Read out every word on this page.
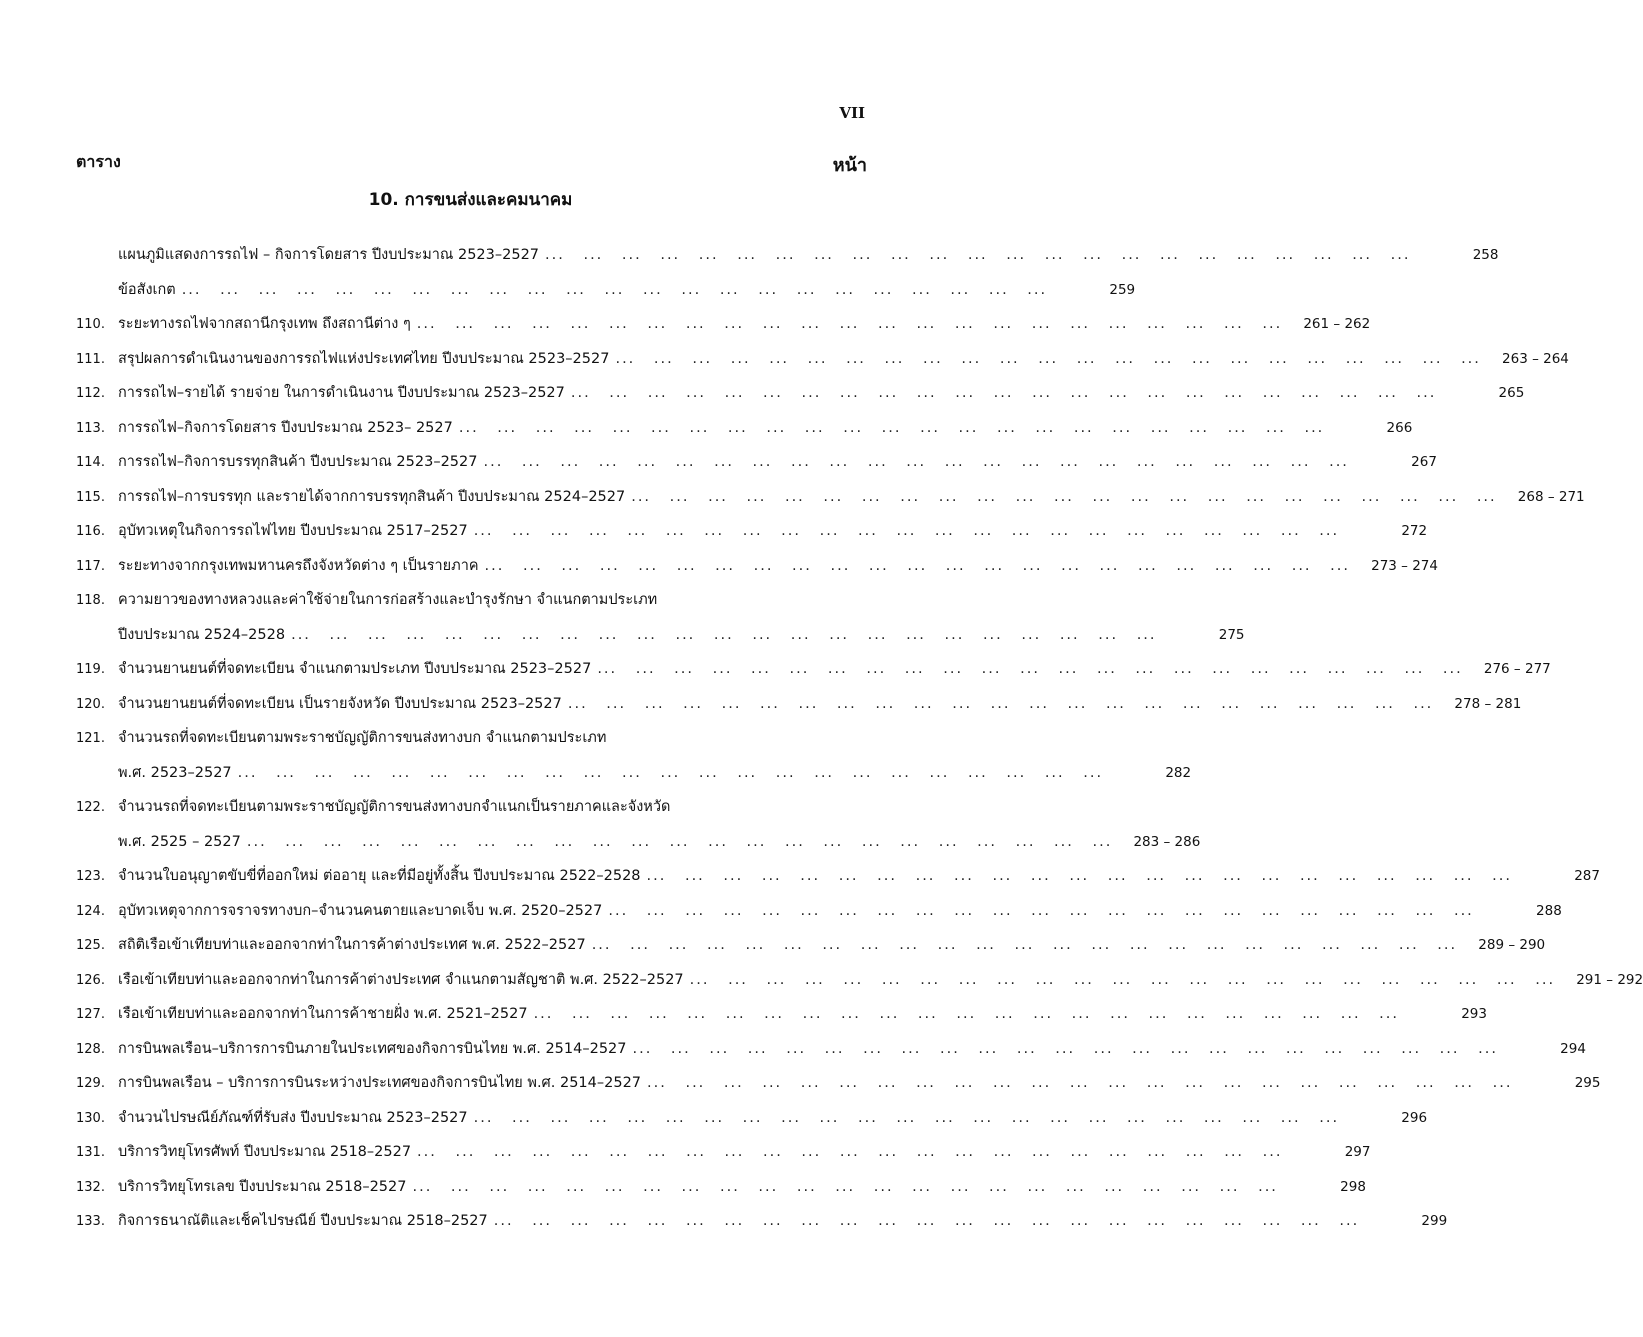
VII
ตาราง	หน้า
10. การขนส่งและคมนาคม
แผนภูมิแสดงการรถไฟ – กิจการโดยสาร ปีงบประมาณ 2523–2527 ... .	258
ข้อสังเกต ... .	259
110. ระยะทางรถไฟจากสถานีกรุงเทพ ถึงสถานีต่าง ๆ ... .	261 – 262
111. สรุปผลการดำเนินงานของการรถไฟแห่งประเทศไทย ปีงบประมาณ 2523–2527 ... .	263 – 264
112. การรถไฟ–รายได้ รายจ่าย ในการดำเนินงาน ปีงบประมาณ 2523–2527 ... .	265
113. การรถไฟ–กิจการโดยสาร ปีงบประมาณ 2523– 2527 ... .	266
114. การรถไฟ–กิจการบรรทุกสินค้า ปีงบประมาณ 2523–2527 ... .	267
115. การรถไฟ–การบรรทุก และรายได้จากการบรรทุกสินค้า ปีงบประมาณ 2524–2527 ... .	268 – 271
116. อุบัทวเหตุในกิจการรถไฟไทย ปีงบประมาณ 2517–2527 ... .	272
117. ระยะทางจากกรุงเทพมหานครถึงจังหวัดต่าง ๆ เป็นรายภาค ... .	273 – 274
118. ความยาวของทางหลวงและค่าใช้จ่ายในการก่อสร้างและบำรุงรักษา จำแนกตามประเภท
ปีงบประมาณ 2524–2528 ... .	275
119. จำนวนยานยนต์ที่จดทะเบียน จำแนกตามประเภท ปีงบประมาณ 2523–2527 ... .	276 – 277
120. จำนวนยานยนต์ที่จดทะเบียน เป็นรายจังหวัด ปีงบประมาณ 2523–2527 ... .	278 – 281
121. จำนวนรถที่จดทะเบียนตามพระราชบัญญัติการขนส่งทางบก จำแนกตามประเภท
พ.ศ. 2523–2527 ... .	282
122. จำนวนรถที่จดทะเบียนตามพระราชบัญญัติการขนส่งทางบกจำแนกเป็นรายภาคและจังหวัด
พ.ศ. 2525 – 2527 ... .	283 – 286
123. จำนวนใบอนุญาตขับขี่ที่ออกใหม่ ต่ออายุ และที่มีอยู่ทั้งสิ้น ปีงบประมาณ 2522–2528 ... .	287
124. อุบัทวเหตุจากการจราจรทางบก–จำนวนคนตายและบาดเจ็บ พ.ศ. 2520–2527 ... .	288
125. สถิติเรือเข้าเทียบท่าและออกจากท่าในการค้าต่างประเทศ พ.ศ. 2522–2527 ... .	289 – 290
126. เรือเข้าเทียบท่าและออกจากท่าในการค้าต่างประเทศ จำแนกตามสัญชาติ พ.ศ. 2522–2527 ... .	291 – 292
127. เรือเข้าเทียบท่าและออกจากท่าในการค้าชายฝั่ง พ.ศ. 2521–2527 ... .	293
128. การบินพลเรือน–บริการการบินภายในประเทศของกิจการบินไทย พ.ศ. 2514–2527 ... .	294
129. การบินพลเรือน – บริการการบินระหว่างประเทศของกิจการบินไทย พ.ศ. 2514–2527 ... .	295
130. จำนวนไปรษณีย์ภัณฑ์ที่รับส่ง ปีงบประมาณ 2523–2527 ... .	296
131. บริการวิทยุโทรศัพท์ ปีงบประมาณ 2518–2527 ... .	297
132. บริการวิทยุโทรเลข ปีงบประมาณ 2518–2527 ... .	298
133. กิจการธนาณัติและเช็คไปรษณีย์ ปีงบประมาณ 2518–2527 ... .	299
